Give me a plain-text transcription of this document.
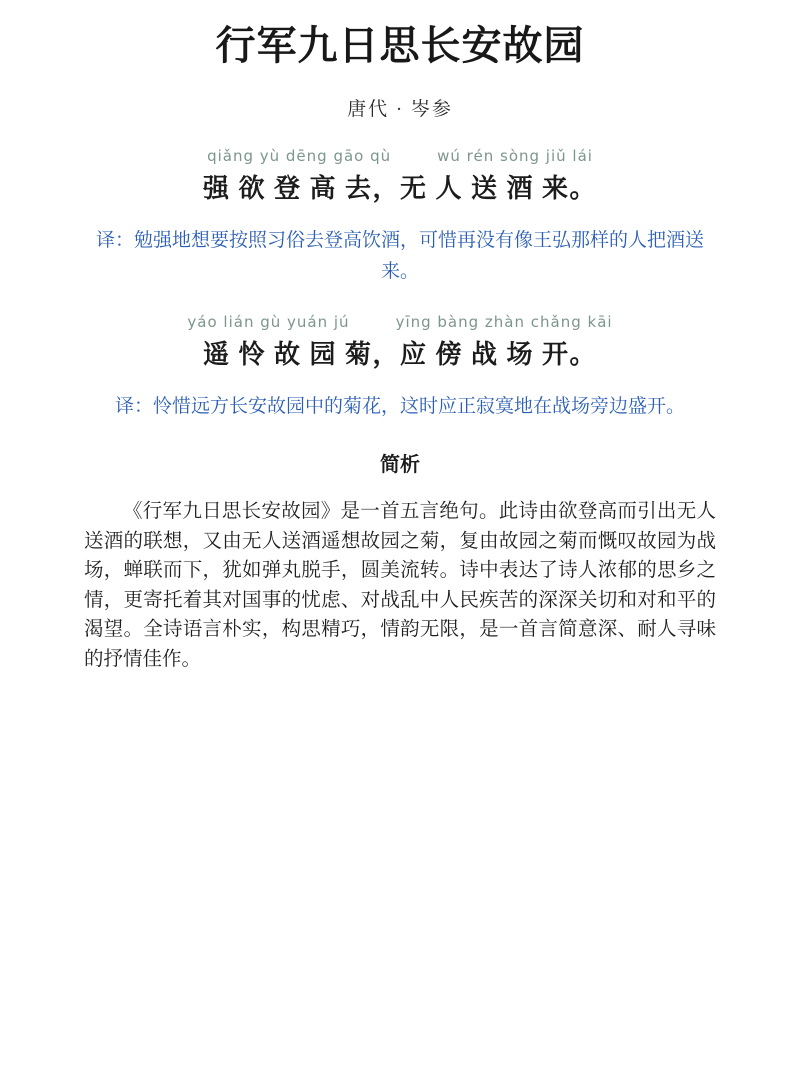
行军九日思长安故园
唐代 · 岑参
qiǎng yù dēng gāo qù	wú rén sòng jiǔ lái
强 欲 登 高 去，无 人 送 酒 来。
译：勉强地想要按照习俗去登高饮酒，可惜再没有像王弘那样的人把酒送
来。
yáo lián gù yuán jú	yīng bàng zhàn chǎng kāi
遥 怜 故 园 菊，应 傍 战 场 开。
译：怜惜远方长安故园中的菊花，这时应正寂寞地在战场旁边盛开。
简析

《行军九日思长安故园》是一首五言绝句。此诗由欲登高而引出无人送酒的联想，又由无人送酒遥想故园之菊，复由故园之菊而慨叹故园为战场，蝉联而下，犹如弹丸脱手，圆美流转。诗中表达了诗人浓郁的思乡之情，更寄托着其对国事的忧虑、对战乱中人民疾苦的深深关切和对和平的渴望。全诗语言朴实，构思精巧，情韵无限，是一首言简意深、耐人寻味的抒情佳作。
